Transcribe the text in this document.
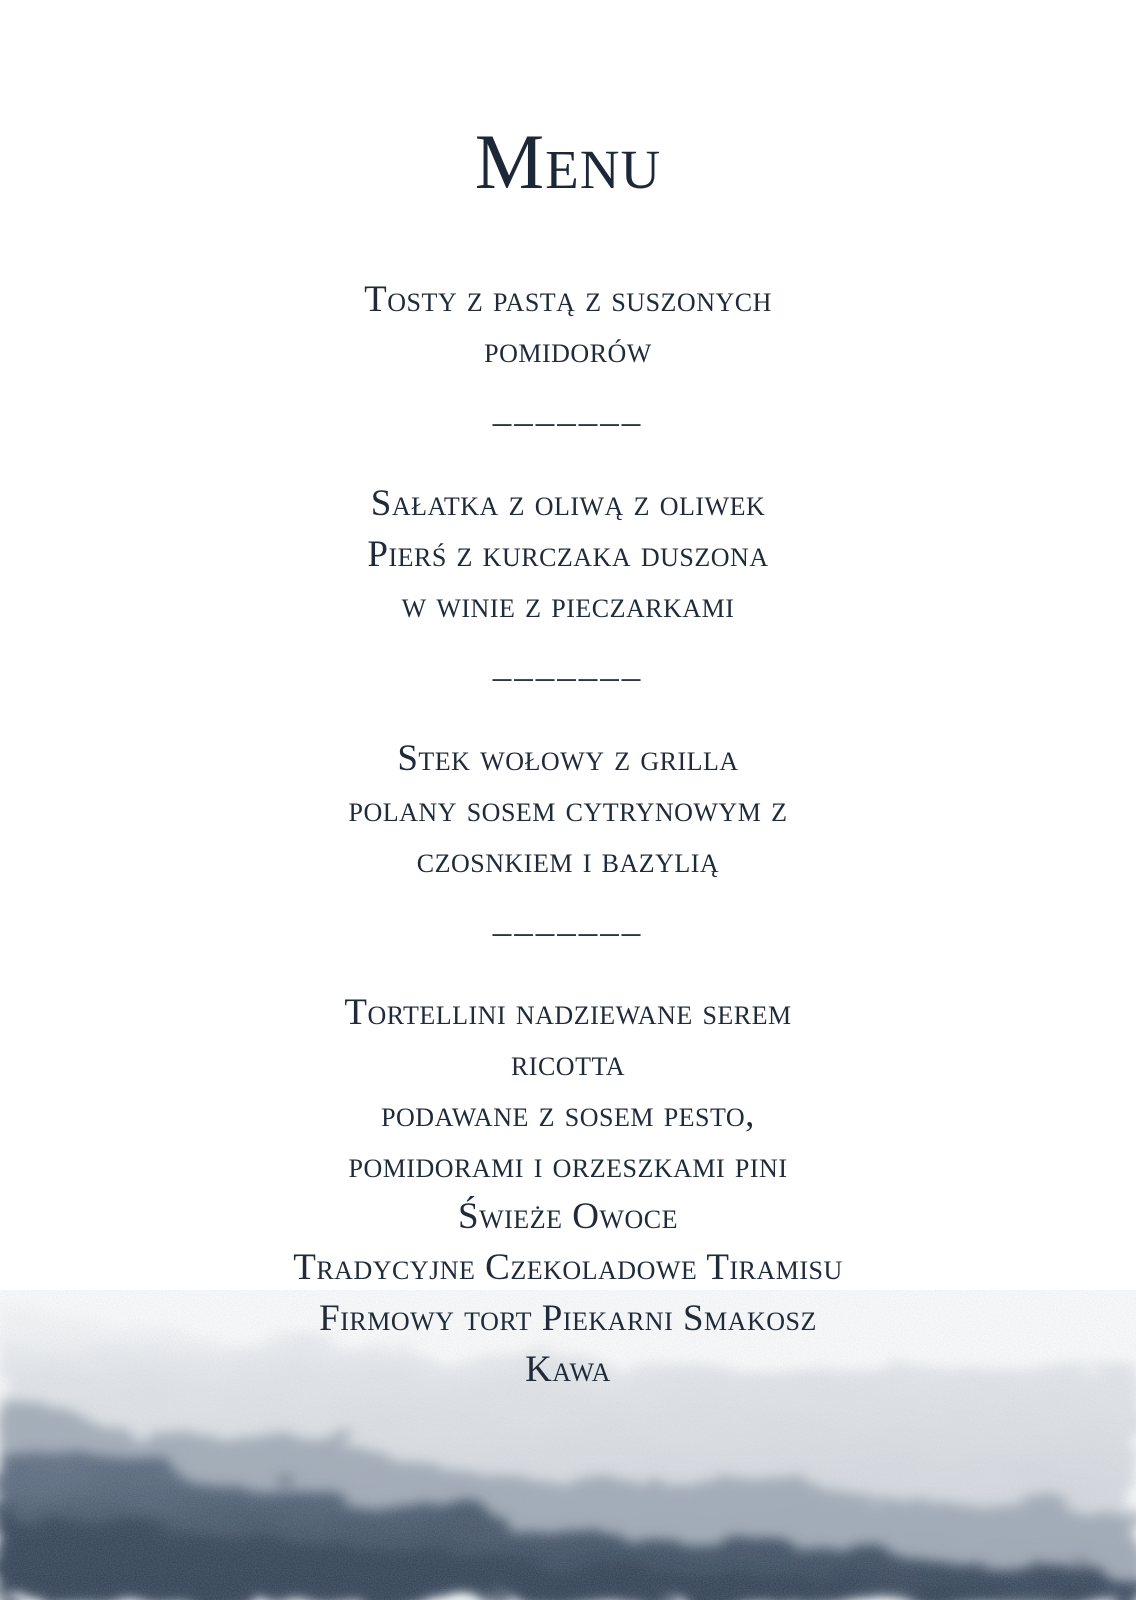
Menu
Tosty z pastą z suszonych
pomidorów
_______
Sałatka z oliwą z oliwek
Pierś z kurczaka duszona
w winie z pieczarkami
_______
Stek wołowy z grilla
polany sosem cytrynowym z
czosnkiem i bazylią
_______
Tortellini nadziewane serem
ricotta
podawane z sosem pesto,
pomidorami i orzeszkami pini
Świeże Owoce
Tradycyjne Czekoladowe Tiramisu
Firmowy tort Piekarni Smakosz
Kawa
